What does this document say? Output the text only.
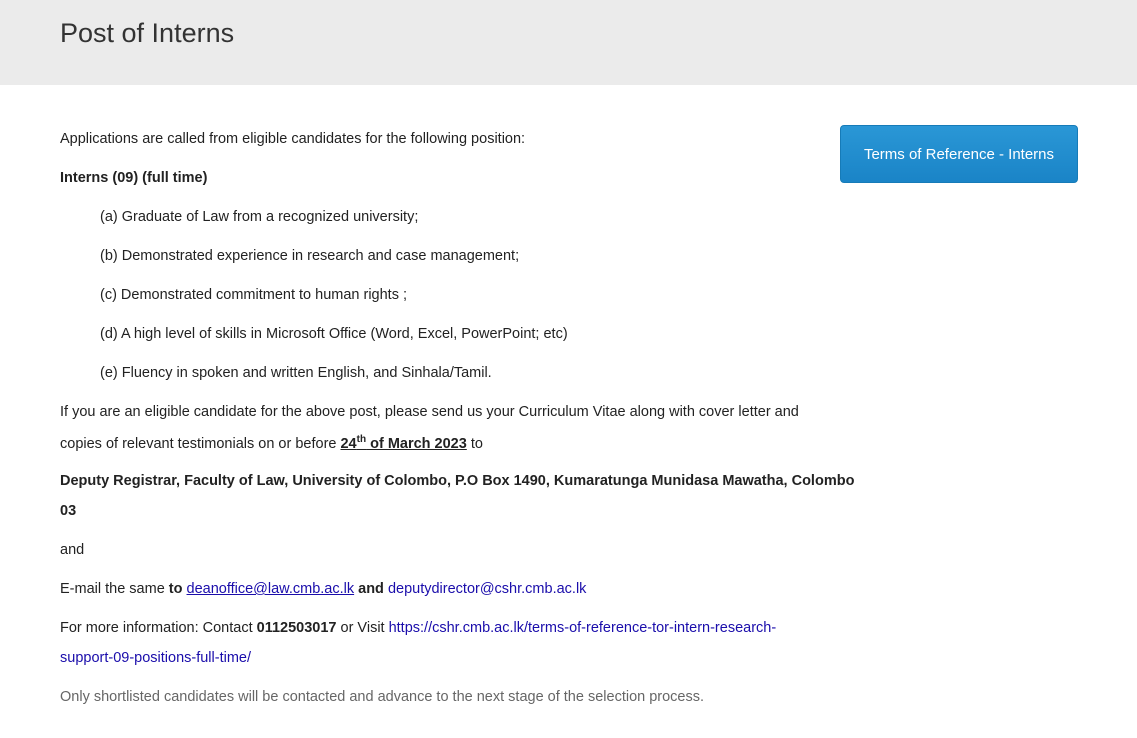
Post of Interns
Applications are called from eligible candidates for the following position:
Interns (09) (full time)
(a) Graduate of Law from a recognized university;
(b) Demonstrated experience in research and case management;
(c) Demonstrated commitment to human rights ;
(d) A high level of skills in Microsoft Office (Word, Excel, PowerPoint; etc)
(e) Fluency in spoken and written English, and Sinhala/Tamil.
If you are an eligible candidate for the above post, please send us your Curriculum Vitae along with cover letter and
copies of relevant testimonials on or before 24th of March 2023 to
Deputy Registrar, Faculty of Law, University of Colombo, P.O Box 1490, Kumaratunga Munidasa Mawatha, Colombo
03
and
E-mail the same to deanoffice@law.cmb.ac.lk and deputydirector@cshr.cmb.ac.lk
For more information: Contact 0112503017 or Visit https://cshr.cmb.ac.lk/terms-of-reference-tor-intern-research-
support-09-positions-full-time/
Only shortlisted candidates will be contacted and advance to the next stage of the selection process.
Terms of Reference - Interns
